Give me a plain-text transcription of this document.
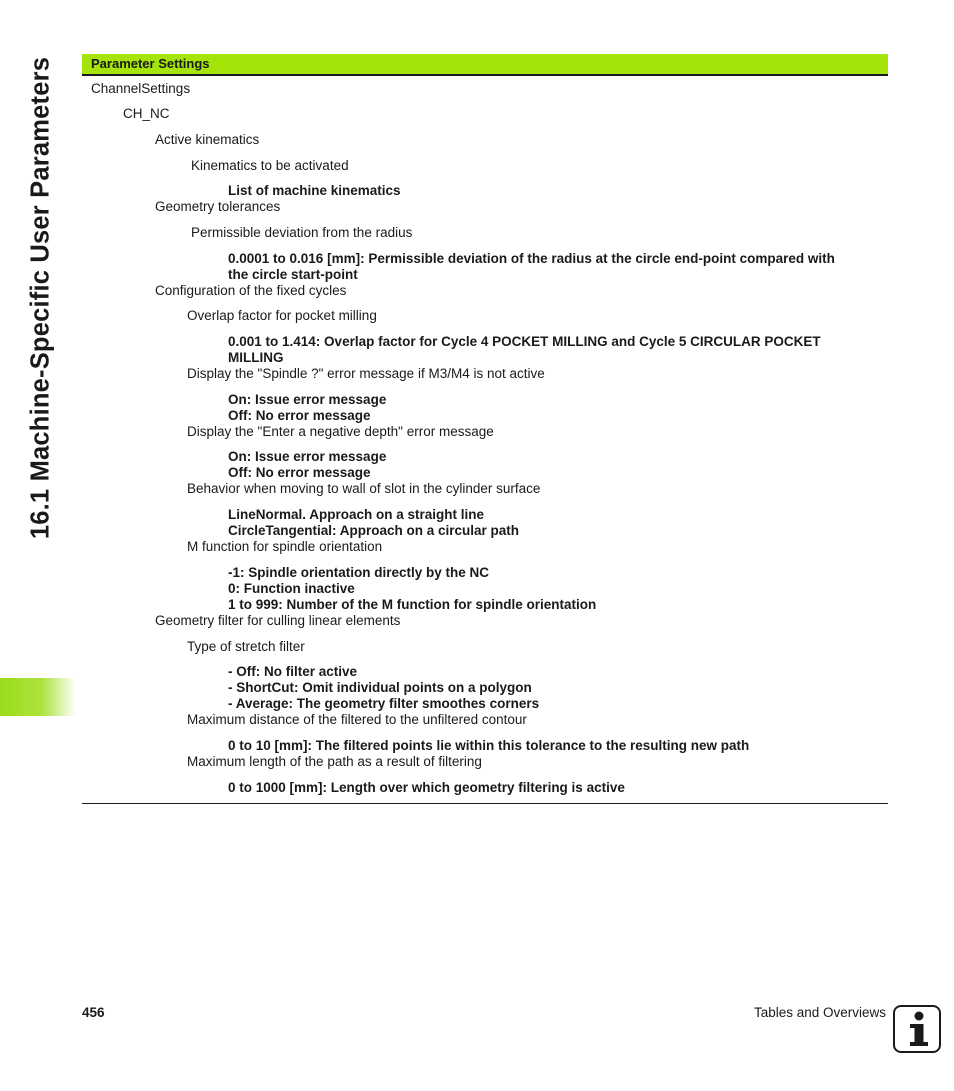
16.1 Machine-Specific User Parameters	Parameter Settings
ChannelSettings
CH_NC
Active kinematics
Kinematics to be activated
List of machine kinematics
Geometry tolerances
Permissible deviation from the radius
0.0001 to 0.016 [mm]: Permissible deviation of the radius at the circle end-point compared with
the circle start-point
Configuration of the fixed cycles
Overlap factor for pocket milling
0.001 to 1.414: Overlap factor for Cycle 4 POCKET MILLING and Cycle 5 CIRCULAR POCKET
MILLING
Display the "Spindle ?" error message if M3/M4 is not active
On: Issue error message
Off: No error message
Display the "Enter a negative depth" error message
On: Issue error message
Off: No error message
Behavior when moving to wall of slot in the cylinder surface
LineNormal. Approach on a straight line
CircleTangential: Approach on a circular path
M function for spindle orientation
-1: Spindle orientation directly by the NC
0: Function inactive
1 to 999: Number of the M function for spindle orientation
Geometry filter for culling linear elements
Type of stretch filter
- Off: No filter active
- ShortCut: Omit individual points on a polygon
- Average: The geometry filter smoothes corners
Maximum distance of the filtered to the unfiltered contour
0 to 10 [mm]: The filtered points lie within this tolerance to the resulting new path
Maximum length of the path as a result of filtering
0 to 1000 [mm]: Length over which geometry filtering is active
456	Tables and Overviews
